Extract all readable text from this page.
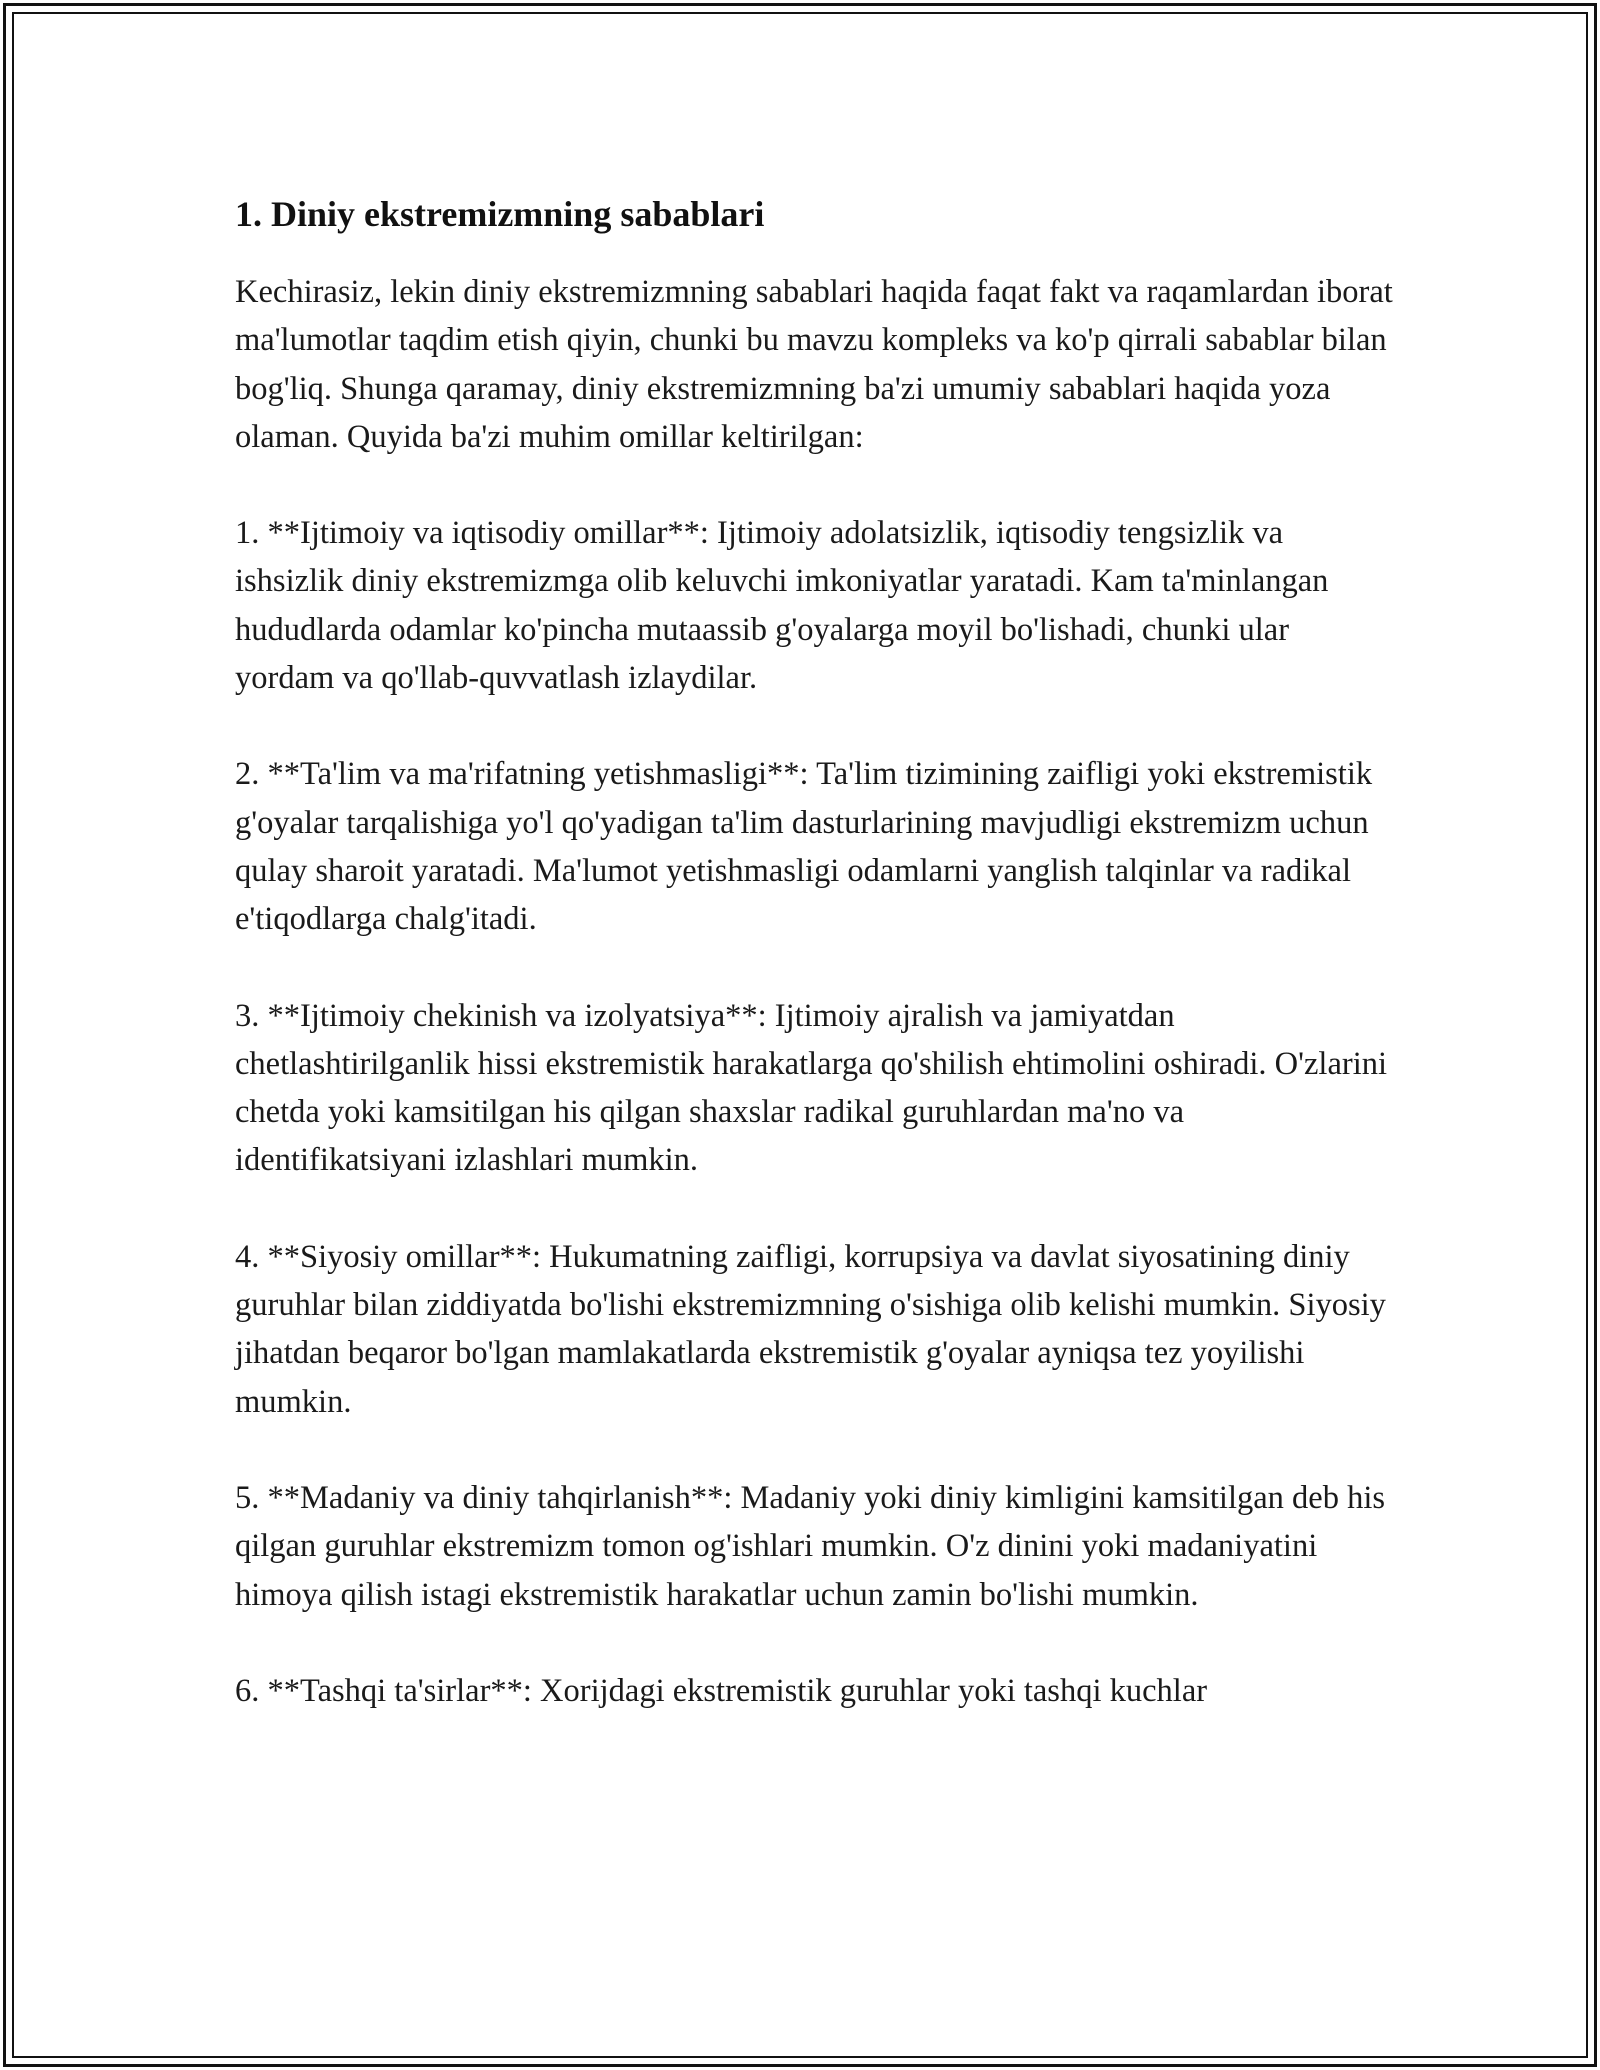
1. Diniy ekstremizmning sabablari

Kechirasiz, lekin diniy ekstremizmning sabablari haqida faqat fakt va raqamlardan iborat ma'lumotlar taqdim etish qiyin, chunki bu mavzu kompleks va ko'p qirrali sabablar bilan bog'liq. Shunga qaramay, diniy ekstremizmning ba'zi umumiy sabablari haqida yoza olaman. Quyida ba'zi muhim omillar keltirilgan:

1. **Ijtimoiy va iqtisodiy omillar**: Ijtimoiy adolatsizlik, iqtisodiy tengsizlik va ishsizlik diniy ekstremizmga olib keluvchi imkoniyatlar yaratadi. Kam ta'minlangan hududlarda odamlar ko'pincha mutaassib g'oyalarga moyil bo'lishadi, chunki ular yordam va qo'llab-quvvatlash izlaydilar.

2. **Ta'lim va ma'rifatning yetishmasligi**: Ta'lim tizimining zaifligi yoki ekstremistik g'oyalar tarqalishiga yo'l qo'yadigan ta'lim dasturlarining mavjudligi ekstremizm uchun qulay sharoit yaratadi. Ma'lumot yetishmasligi odamlarni yanglish talqinlar va radikal e'tiqodlarga chalg'itadi.

3. **Ijtimoiy chekinish va izolyatsiya**: Ijtimoiy ajralish va jamiyatdan chetlashtirilganlik hissi ekstremistik harakatlarga qo'shilish ehtimolini oshiradi. O'zlarini chetda yoki kamsitilgan his qilgan shaxslar radikal guruhlardan ma'no va identifikatsiyani izlashlari mumkin.

4. **Siyosiy omillar**: Hukumatning zaifligi, korrupsiya va davlat siyosatining diniy guruhlar bilan ziddiyatda bo'lishi ekstremizmning o'sishiga olib kelishi mumkin. Siyosiy jihatdan beqaror bo'lgan mamlakatlarda ekstremistik g'oyalar ayniqsa tez yoyilishi mumkin.

5. **Madaniy va diniy tahqirlanish**: Madaniy yoki diniy kimligini kamsitilgan deb his qilgan guruhlar ekstremizm tomon og'ishlari mumkin. O'z dinini yoki madaniyatini himoya qilish istagi ekstremistik harakatlar uchun zamin bo'lishi mumkin.

6. **Tashqi ta'sirlar**: Xorijdagi ekstremistik guruhlar yoki tashqi kuchlar
